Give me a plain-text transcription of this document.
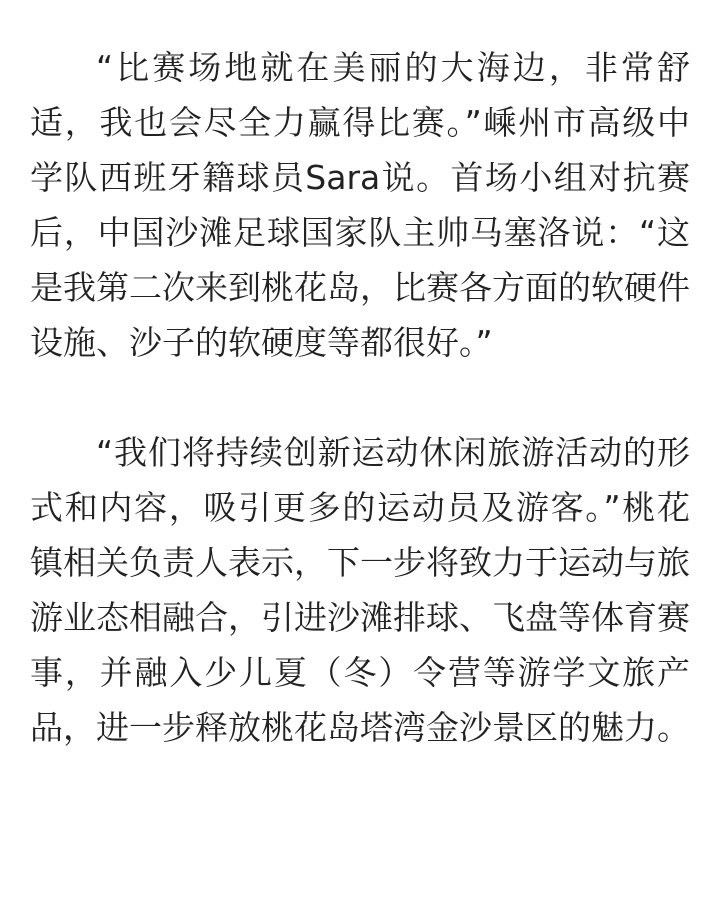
“比赛场地就在美丽的大海边，非常舒适，我也会尽全力赢得比赛。”嵊州市高级中学队西班牙籍球员Sara说。首场小组对抗赛后，中国沙滩足球国家队主帅马塞洛说：“这是我第二次来到桃花岛，比赛各方面的软硬件设施、沙子的软硬度等都很好。”

“我们将持续创新运动休闲旅游活动的形式和内容，吸引更多的运动员及游客。”桃花镇相关负责人表示，下一步将致力于运动与旅游业态相融合，引进沙滩排球、飞盘等体育赛事，并融入少儿夏（冬）令营等游学文旅产品，进一步释放桃花岛塔湾金沙景区的魅力。
